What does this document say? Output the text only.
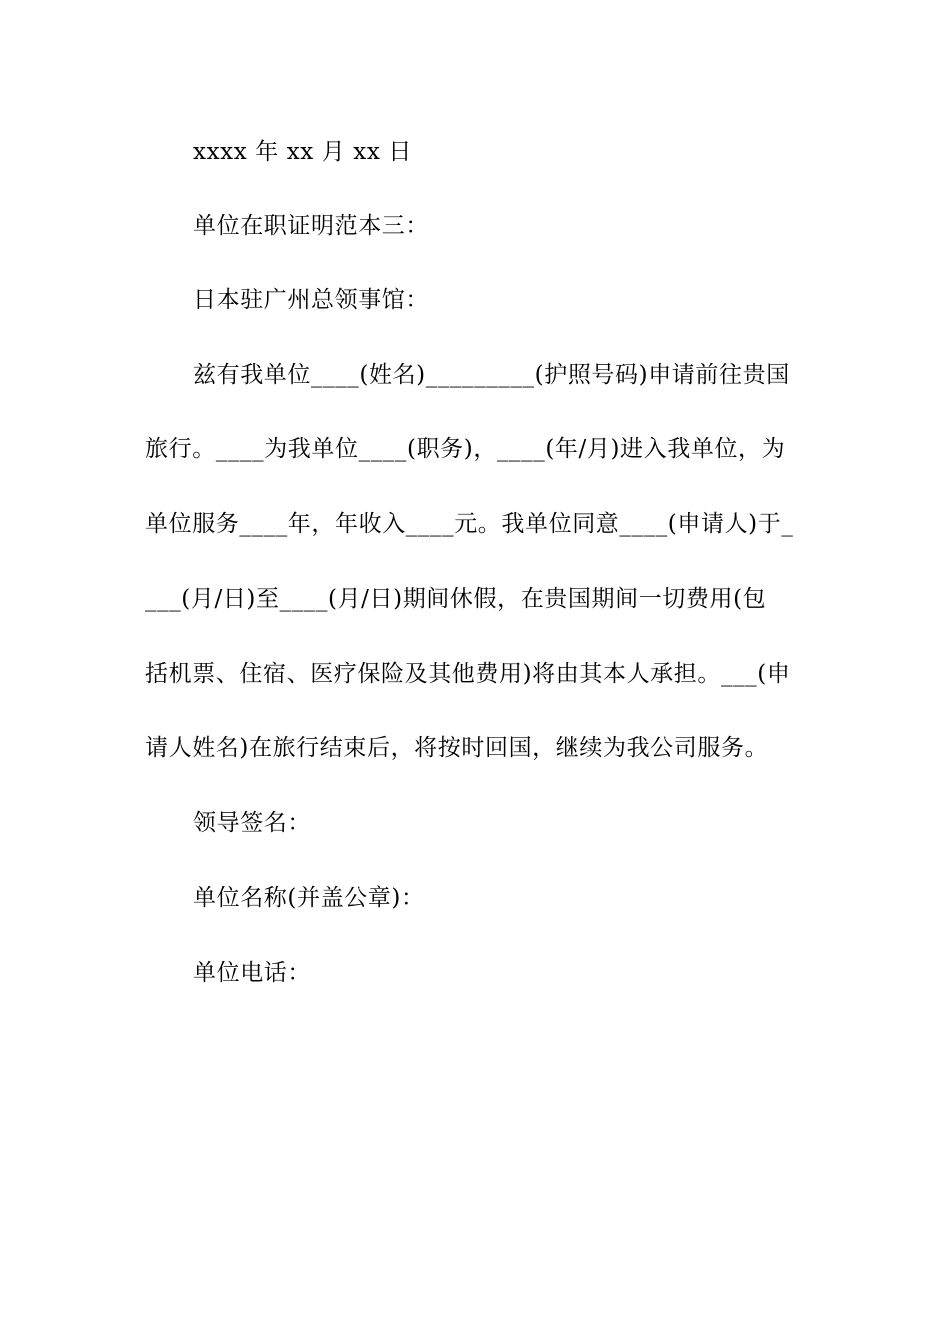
xxxx 年 xx 月 xx 日
单位在职证明范本三：
日本驻广州总领事馆：
兹有我单位____(姓名)_________(护照号码)申请前往贵国
旅行。____为我单位____(职务)，____(年/月)进入我单位，为
单位服务____年，年收入____元。我单位同意____(申请人)于_
___(月/日)至____(月/日)期间休假，在贵国期间一切费用(包
括机票、住宿、医疗保险及其他费用)将由其本人承担。___(申
请人姓名)在旅行结束后，将按时回国，继续为我公司服务。
领导签名：
单位名称(并盖公章)：
单位电话：
